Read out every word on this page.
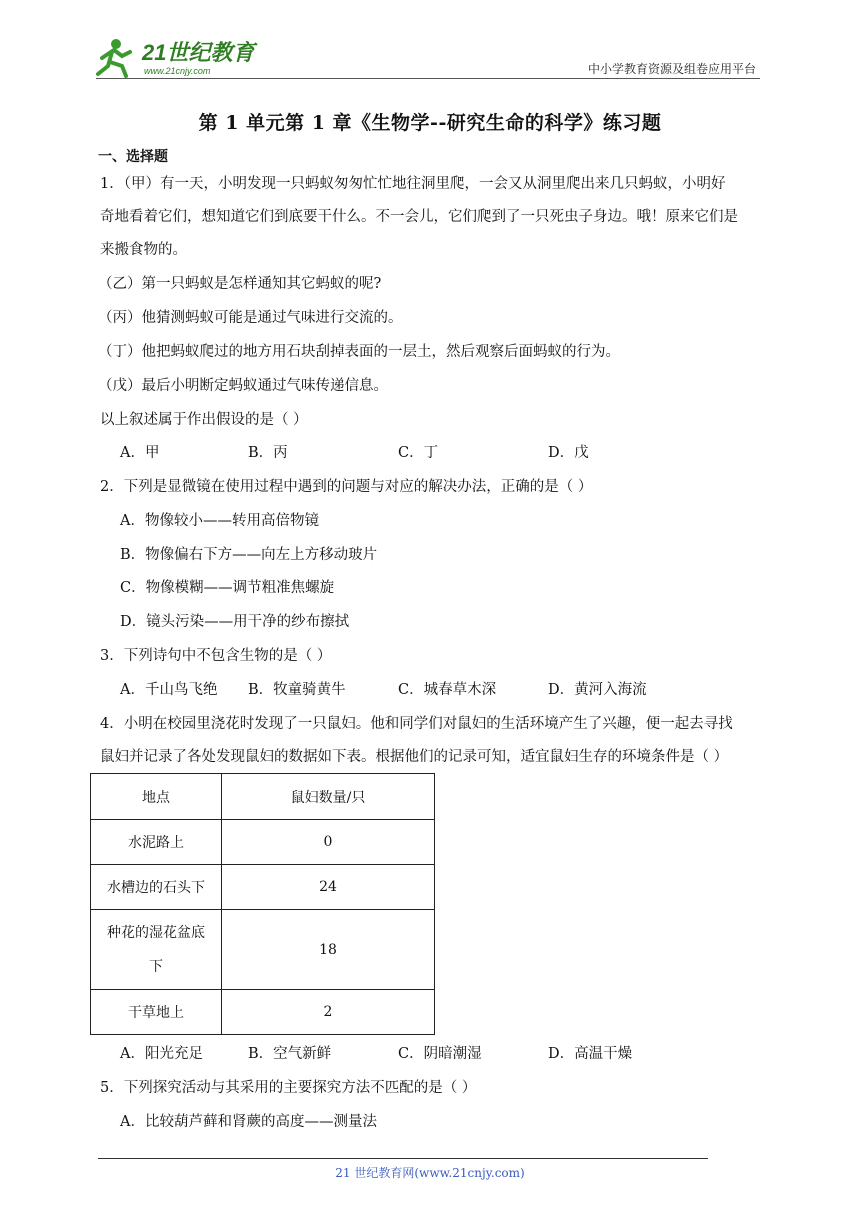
21世纪教育
www.21cnjy.com	中小学教育资源及组卷应用平台
第 1 单元第 1 章《生物学--研究生命的科学》练习题
一、选择题
1．（甲）有一天，小明发现一只蚂蚁匆匆忙忙地往洞里爬，一会又从洞里爬出来几只蚂蚁，小明好
奇地看着它们，想知道它们到底要干什么。不一会儿，它们爬到了一只死虫子身边。哦！原来它们是
来搬食物的。
（乙）第一只蚂蚁是怎样通知其它蚂蚁的呢?
（丙）他猜测蚂蚁可能是通过气味进行交流的。
（丁）他把蚂蚁爬过的地方用石块刮掉表面的一层土，然后观察后面蚂蚁的行为。
（戊）最后小明断定蚂蚁通过气味传递信息。
以上叙述属于作出假设的是（ ）
A．甲	B．丙	C．丁	D．戊
2．下列是显微镜在使用过程中遇到的问题与对应的解决办法，正确的是（ ）
A．物像较小——转用高倍物镜
B．物像偏右下方——向左上方移动玻片
C．物像模糊——调节粗准焦螺旋
D．镜头污染——用干净的纱布擦拭
3．下列诗句中不包含生物的是（ ）
A．千山鸟飞绝 B．牧童骑黄牛	C．城春草木深	D．黄河入海流
4．小明在校园里浇花时发现了一只鼠妇。他和同学们对鼠妇的生活环境产生了兴趣，便一起去寻找
鼠妇并记录了各处发现鼠妇的数据如下表。根据他们的记录可知，适宜鼠妇生存的环境条件是（ ）
地点	鼠妇数量/只
水泥路上	0
水槽边的石头下	24
种花的湿花盆底
下	18
干草地上	2
A．阳光充足	B．空气新鲜	C．阴暗潮湿	D．高温干燥
5．下列探究活动与其采用的主要探究方法不匹配的是（ ）
A．比较葫芦藓和肾蕨的高度——测量法
21 世纪教育网(www.21cnjy.com)
